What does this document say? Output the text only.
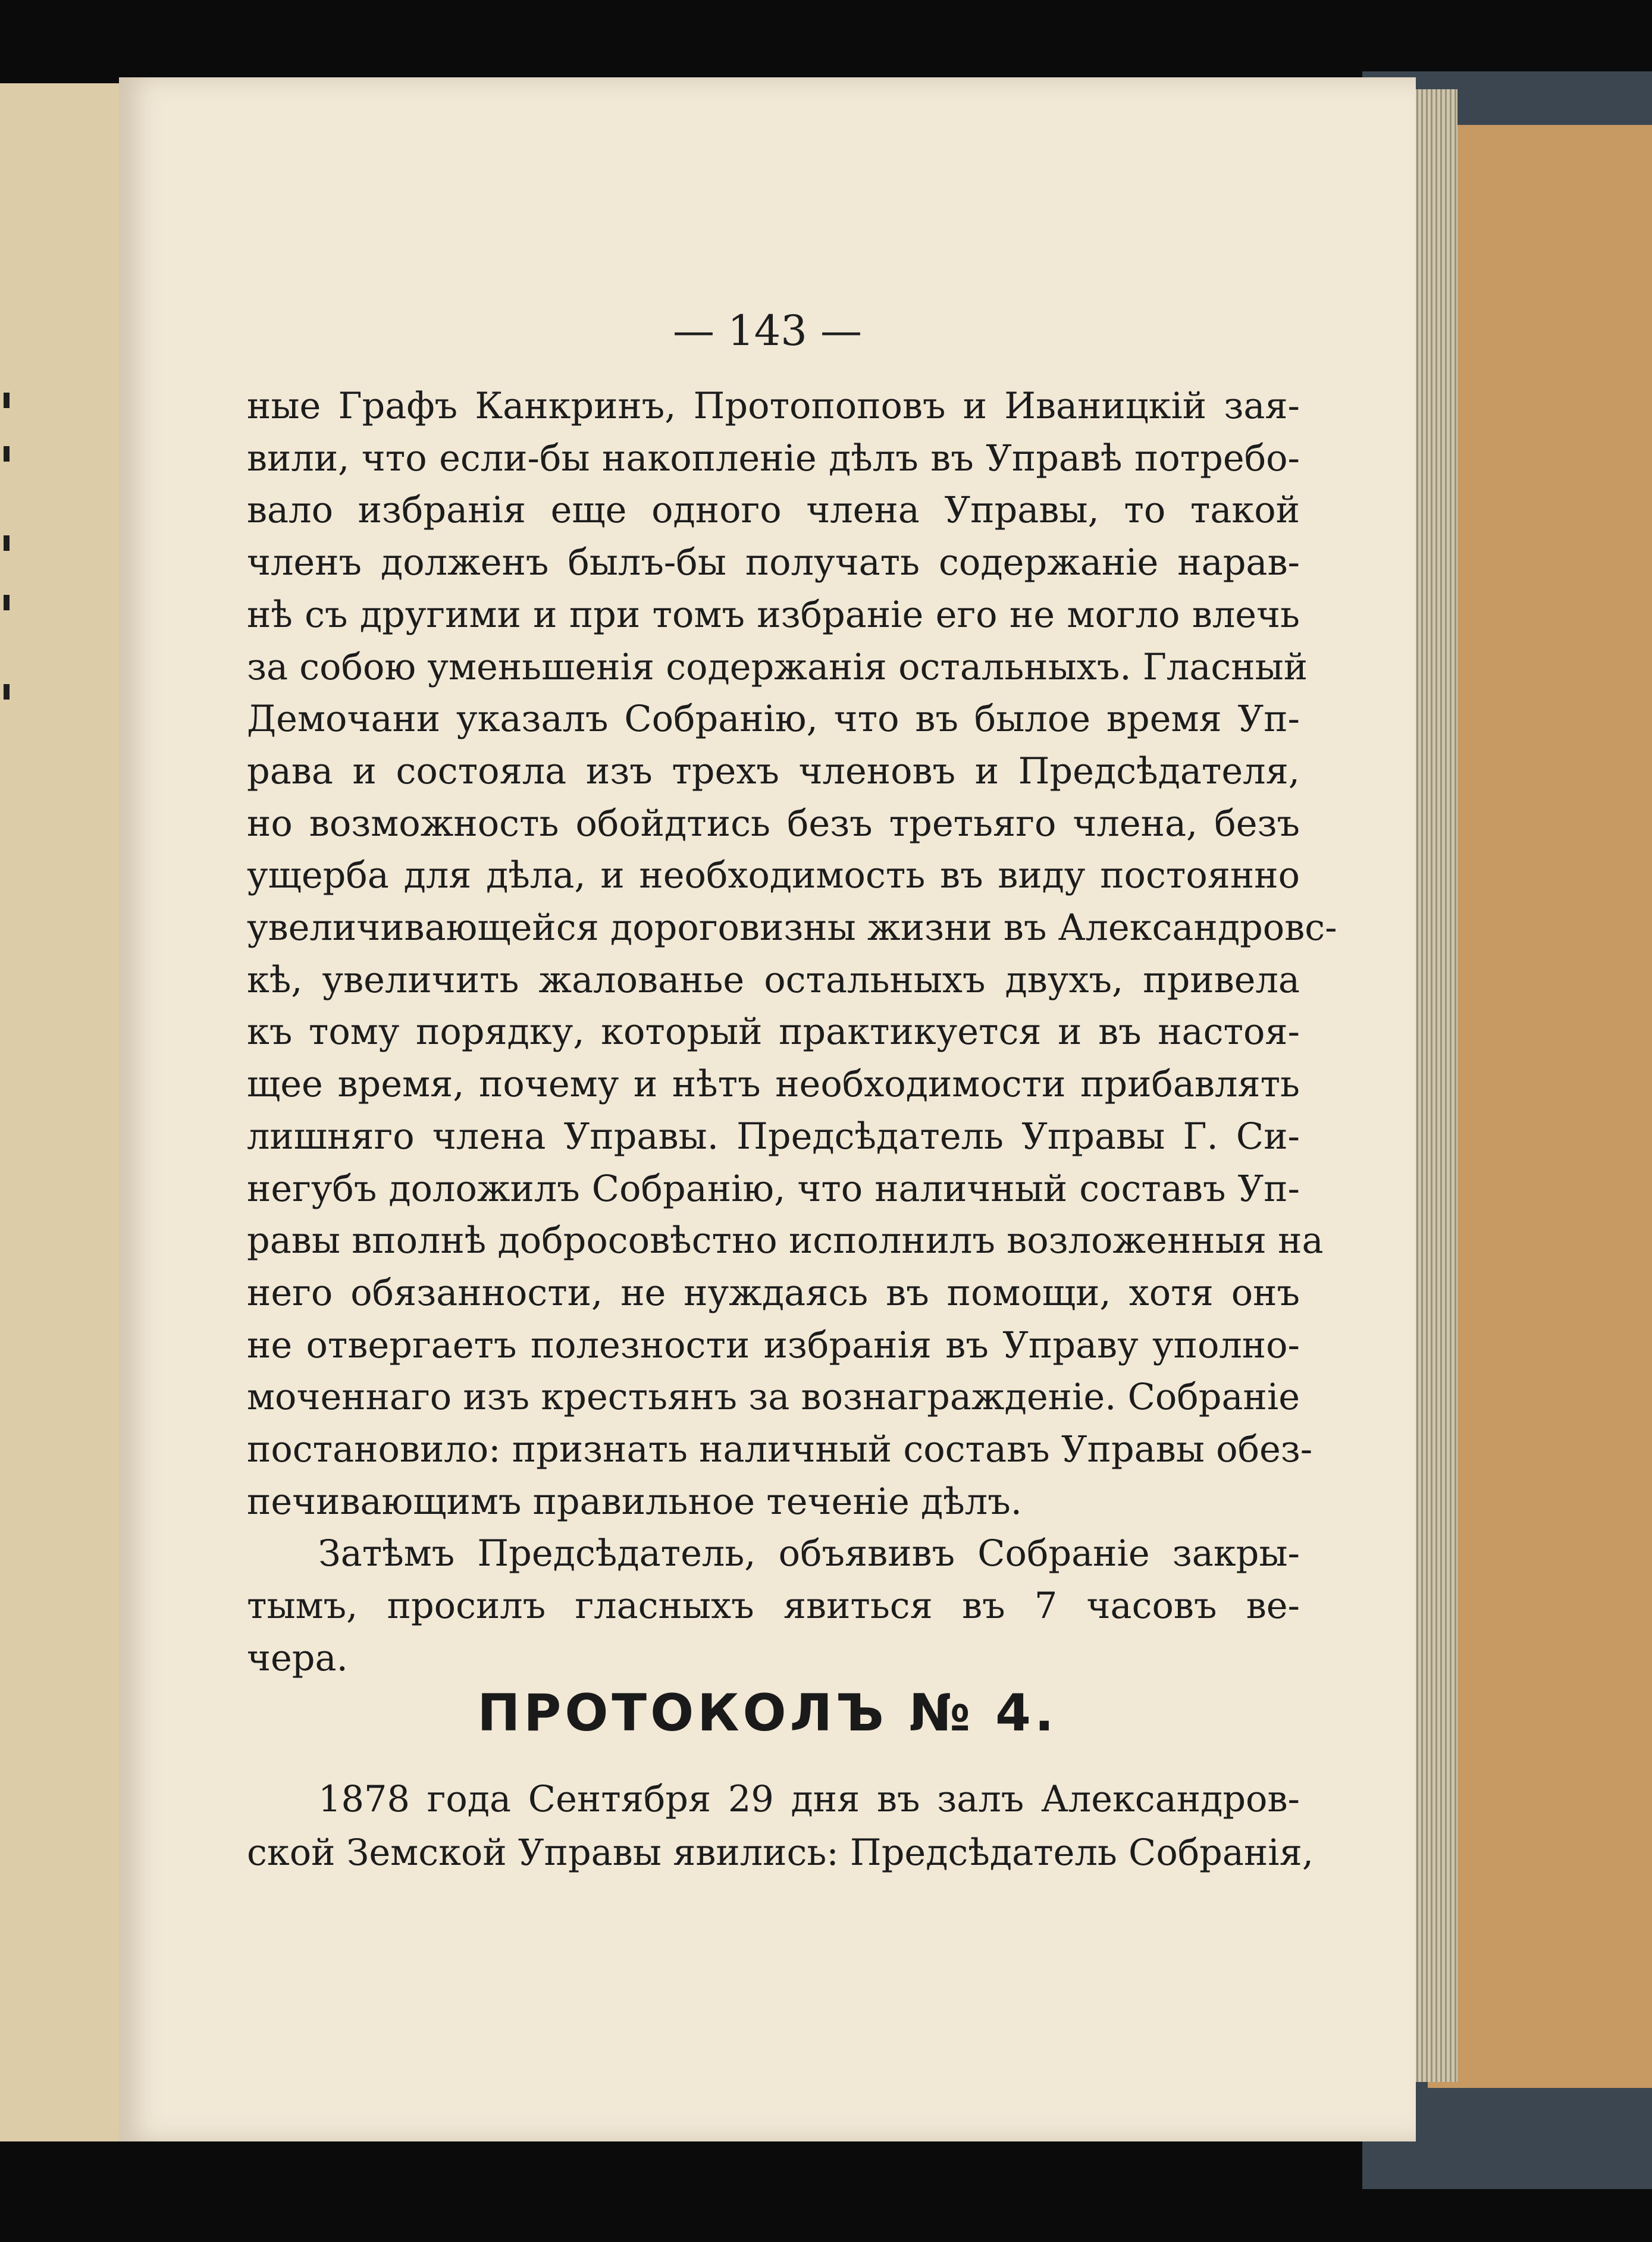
— 143 —
ные Графъ Канкринъ, Протопоповъ и Иваницкій зая-
вили, что если-бы накопленіе дѣлъ въ Управѣ потребо-
вало избранія еще одного члена Управы, то такой
членъ долженъ былъ-бы получать содержаніе нарав-
нѣ съ другими и при томъ избраніе его не могло влечь
за собою уменьшенія содержанія остальныхъ. Гласный
Демочани указалъ Собранію, что въ былое время Уп-
рава и состояла изъ трехъ членовъ и Предсѣдателя,
но возможность обойдтись безъ третьяго члена, безъ
ущерба для дѣла, и необходимость въ виду постоянно
увеличивающейся дороговизны жизни въ Александровс-
кѣ, увеличить жалованье остальныхъ двухъ, привела
къ тому порядку, который практикуется и въ настоя-
щее время, почему и нѣтъ необходимости прибавлять
лишняго члена Управы. Предсѣдатель Управы Г. Си-
негубъ доложилъ Собранію, что наличный составъ Уп-
равы вполнѣ добросовѣстно исполнилъ возложенныя на
него обязанности, не нуждаясь въ помощи, хотя онъ
не отвергаетъ полезности избранія въ Управу уполно-
моченнаго изъ крестьянъ за вознагражденіе. Собраніе
постановило: признать наличный составъ Управы обез-
печивающимъ правильное теченіе дѣлъ.
Затѣмъ Предсѣдатель, объявивъ Собраніе закры-
тымъ, просилъ гласныхъ явиться въ 7 часовъ ве-
чера.
ПРОТОКОЛЪ № 4.
1878 года Сентября 29 дня въ залъ Александров-
ской Земской Управы явились: Предсѣдатель Собранія,
